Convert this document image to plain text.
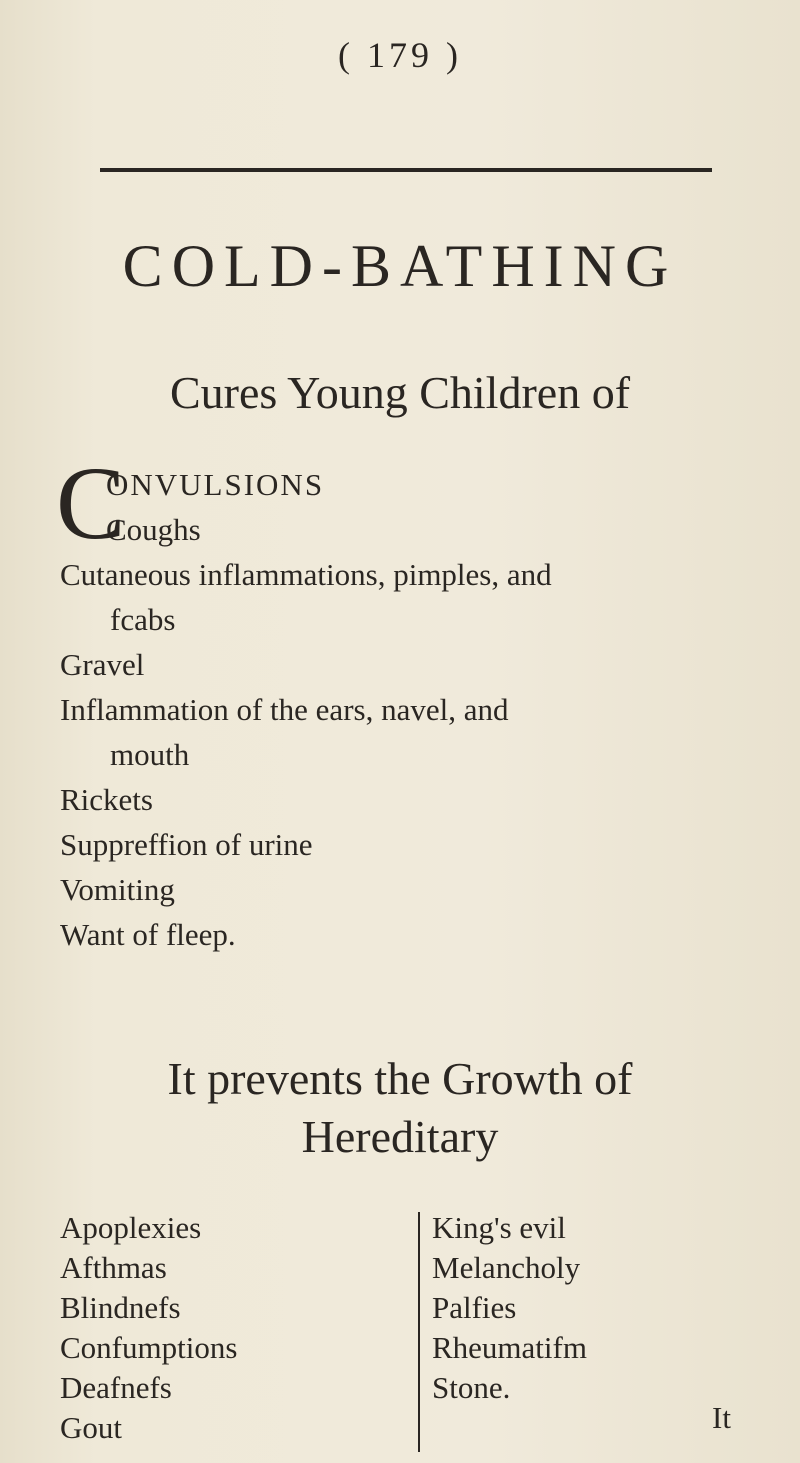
( 179 )
COLD-BATHING
Cures Young Children of
C
ONVULSIONS
Coughs

Cutaneous inflammations, pimples, and
fcabs

Gravel

Inflammation of the ears, navel, and
mouth

Rickets

Suppreffion of urine

Vomiting

Want of fleep.

It prevents the Growth of
Hereditary
Apoplexies
Afthmas
Blindnefs
Confumptions
Deafnefs
Gout
King's evil
Melancholy
Palfies
Rheumatifm
Stone.
It
